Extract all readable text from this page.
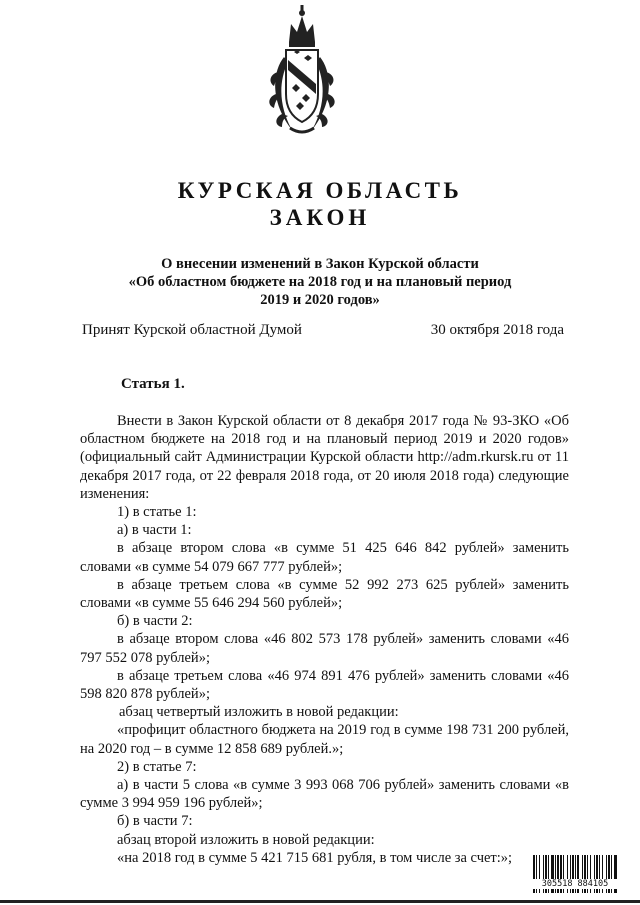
КУРСКАЯ ОБЛАСТЬ
ЗАКОН
О внесении изменений в Закон Курской области
«Об областном бюджете на 2018 год и на плановый период
2019 и 2020 годов»
Принят Курской областной Думой	30 октября 2018 года
Статья 1.

Внести в Закон Курской области от 8 декабря 2017 года № 93-ЗКО «Об областном бюджете на 2018 год и на плановый период 2019 и 2020 годов» (официальный сайт Администрации Курской области http://adm.rkursk.ru от 11 декабря 2017 года, от 22 февраля 2018 года, от 20 июля 2018 года) следующие изменения:

1) в статье 1:

а) в части 1:

в абзаце втором слова «в сумме 51 425 646 842 рублей» заменить словами «в сумме 54 079 667 777 рублей»;

в абзаце третьем слова «в сумме 52 992 273 625 рублей» заменить словами «в сумме 55 646 294 560 рублей»;

б) в части 2:

в абзаце втором слова «46 802 573 178 рублей» заменить словами «46 797 552 078 рублей»;

в абзаце третьем слова «46 974 891 476 рублей» заменить словами «46 598 820 878 рублей»;

абзац четвертый изложить в новой редакции:

«профицит областного бюджета на 2019 год в сумме 198 731 200 рублей, на 2020 год – в сумме 12 858 689 рублей.»;

2) в статье 7:

а) в части 5 слова «в сумме 3 993 068 706 рублей» заменить словами «в сумме 3 994 959 196 рублей»;

б) в части 7:

абзац второй изложить в новой редакции:

«на 2018 год в сумме 5 421 715 681 рубля, в том числе за счет:»;

305518 884105
